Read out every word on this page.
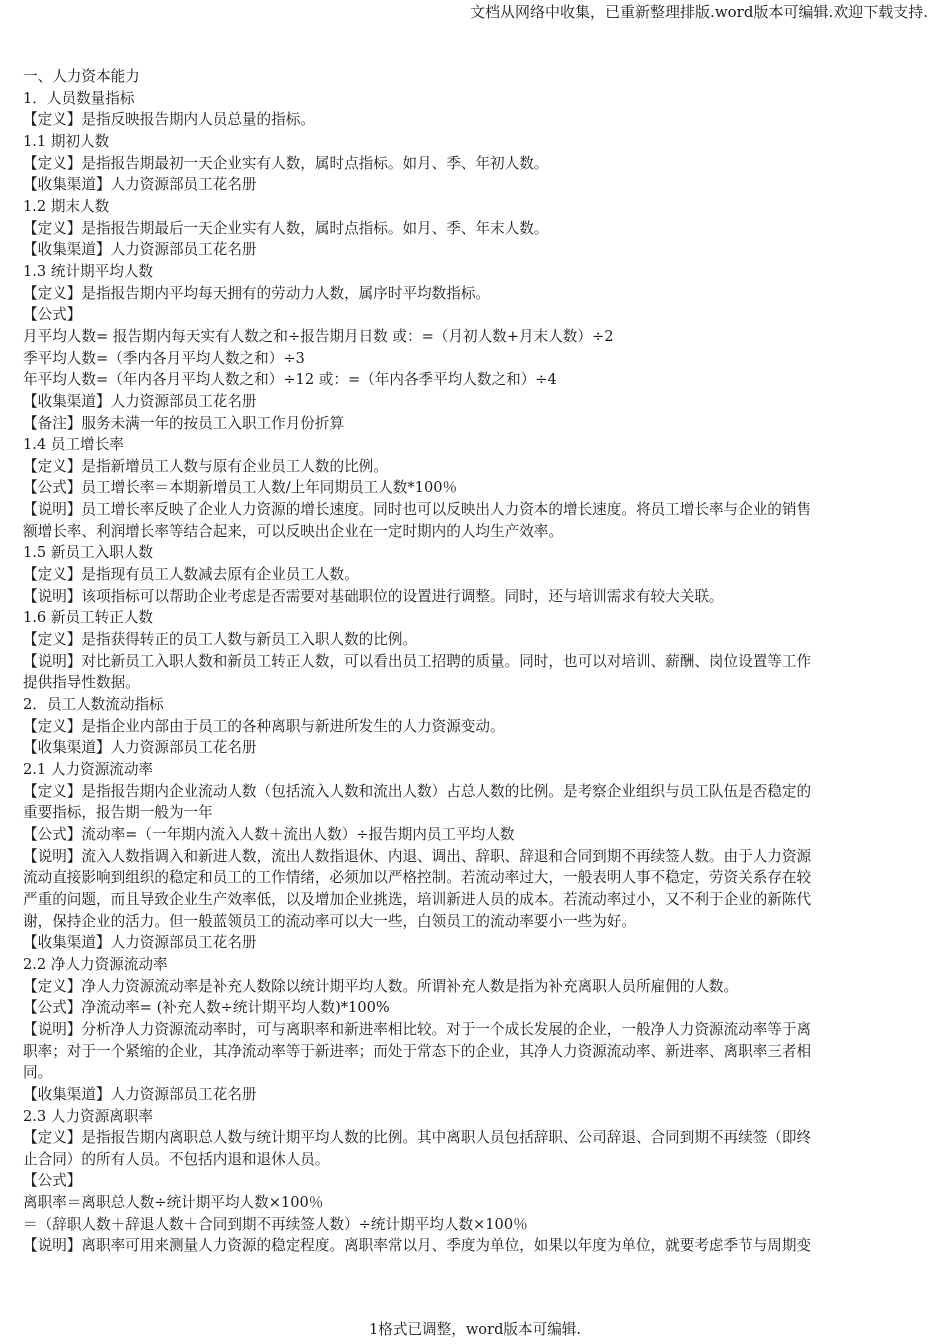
文档从网络中收集，已重新整理排版.word版本可编辑.欢迎下载支持.

一、人力资本能力

1．人员数量指标

【定义】是指反映报告期内人员总量的指标。

1.1 期初人数

【定义】是指报告期最初一天企业实有人数，属时点指标。如月、季、年初人数。

【收集渠道】人力资源部员工花名册

1.2 期末人数

【定义】是指报告期最后一天企业实有人数，属时点指标。如月、季、年末人数。

【收集渠道】人力资源部员工花名册

1.3 统计期平均人数

【定义】是指报告期内平均每天拥有的劳动力人数，属序时平均数指标。

【公式】

月平均人数= 报告期内每天实有人数之和÷报告期月日数 或：=（月初人数+月末人数）÷2

季平均人数=（季内各月平均人数之和）÷3

年平均人数=（年内各月平均人数之和）÷12 或：=（年内各季平均人数之和）÷4

【收集渠道】人力资源部员工花名册

【备注】服务未满一年的按员工入职工作月份折算

1.4 员工增长率

【定义】是指新增员工人数与原有企业员工人数的比例。

【公式】员工增长率＝本期新增员工人数/上年同期员工人数*100％

【说明】员工增长率反映了企业人力资源的增长速度。同时也可以反映出人力资本的增长速度。将员工增长率与企业的销售

额增长率、利润增长率等结合起来，可以反映出企业在一定时期内的人均生产效率。

1.5 新员工入职人数

【定义】是指现有员工人数减去原有企业员工人数。

【说明】该项指标可以帮助企业考虑是否需要对基础职位的设置进行调整。同时，还与培训需求有较大关联。

1.6 新员工转正人数

【定义】是指获得转正的员工人数与新员工入职人数的比例。

【说明】对比新员工入职人数和新员工转正人数，可以看出员工招聘的质量。同时，也可以对培训、薪酬、岗位设置等工作

提供指导性数据。

2．员工人数流动指标

【定义】是指企业内部由于员工的各种离职与新进所发生的人力资源变动。

【收集渠道】人力资源部员工花名册

2.1 人力资源流动率

【定义】是指报告期内企业流动人数（包括流入人数和流出人数）占总人数的比例。是考察企业组织与员工队伍是否稳定的

重要指标，报告期一般为一年

【公式】流动率=（一年期内流入人数＋流出人数）÷报告期内员工平均人数

【说明】流入人数指调入和新进人数，流出人数指退休、内退、调出、辞职、辞退和合同到期不再续签人数。由于人力资源

流动直接影响到组织的稳定和员工的工作情绪，必须加以严格控制。若流动率过大，一般表明人事不稳定，劳资关系存在较

严重的问题，而且导致企业生产效率低，以及增加企业挑选，培训新进人员的成本。若流动率过小，又不利于企业的新陈代

谢，保持企业的活力。但一般蓝领员工的流动率可以大一些，白领员工的流动率要小一些为好。

【收集渠道】人力资源部员工花名册

2.2 净人力资源流动率

【定义】净人力资源流动率是补充人数除以统计期平均人数。所谓补充人数是指为补充离职人员所雇佣的人数。

【公式】净流动率= (补充人数÷统计期平均人数)*100%

【说明】分析净人力资源流动率时，可与离职率和新进率相比较。对于一个成长发展的企业，一般净人力资源流动率等于离

职率；对于一个紧缩的企业，其净流动率等于新进率；而处于常态下的企业，其净人力资源流动率、新进率、离职率三者相

同。

【收集渠道】人力资源部员工花名册

2.3 人力资源离职率

【定义】是指报告期内离职总人数与统计期平均人数的比例。其中离职人员包括辞职、公司辞退、合同到期不再续签（即终

止合同）的所有人员。不包括内退和退休人员。

【公式】

离职率＝离职总人数÷统计期平均人数×100％

＝（辞职人数＋辞退人数＋合同到期不再续签人数）÷统计期平均人数×100％

【说明】离职率可用来测量人力资源的稳定程度。离职率常以月、季度为单位，如果以年度为单位，就要考虑季节与周期变

1格式已调整，word版本可编辑.
